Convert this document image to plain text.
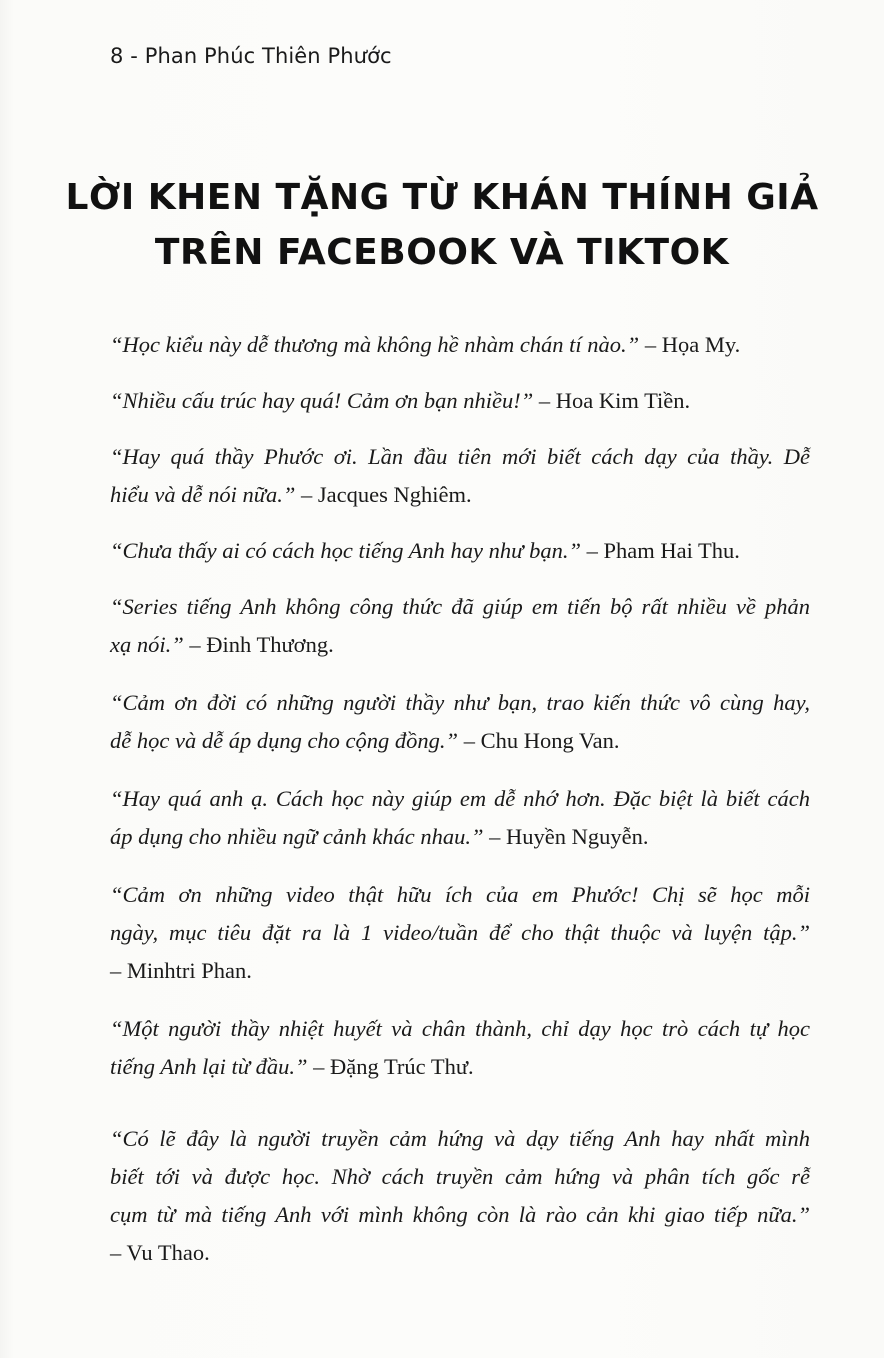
8 - Phan Phúc Thiên Phước
LỜI KHEN TẶNG TỪ KHÁN THÍNH GIẢ
TRÊN FACEBOOK VÀ TIKTOK
“Học kiểu này dễ thương mà không hề nhàm chán tí nào.” – Họa My.
“Nhiều cấu trúc hay quá! Cảm ơn bạn nhiều!” – Hoa Kim Tiền.
“Hay quá thầy Phước ơi. Lần đầu tiên mới biết cách dạy của thầy. Dễ
hiểu và dễ nói nữa.” – Jacques Nghiêm.
“Chưa thấy ai có cách học tiếng Anh hay như bạn.” – Pham Hai Thu.
“Series tiếng Anh không công thức đã giúp em tiến bộ rất nhiều về phản
xạ nói.” – Đinh Thương.
“Cảm ơn đời có những người thầy như bạn, trao kiến thức vô cùng hay,
dễ học và dễ áp dụng cho cộng đồng.” – Chu Hong Van.
“Hay quá anh ạ. Cách học này giúp em dễ nhớ hơn. Đặc biệt là biết cách
áp dụng cho nhiều ngữ cảnh khác nhau.” – Huyền Nguyễn.
“Cảm ơn những video thật hữu ích của em Phước! Chị sẽ học mỗi
ngày, mục tiêu đặt ra là 1 video/tuần để cho thật thuộc và luyện tập.”
– Minhtri Phan.
“Một người thầy nhiệt huyết và chân thành, chỉ dạy học trò cách tự học
tiếng Anh lại từ đầu.” – Đặng Trúc Thư.
“Có lẽ đây là người truyền cảm hứng và dạy tiếng Anh hay nhất mình
biết tới và được học. Nhờ cách truyền cảm hứng và phân tích gốc rễ
cụm từ mà tiếng Anh với mình không còn là rào cản khi giao tiếp nữa.”
– Vu Thao.
